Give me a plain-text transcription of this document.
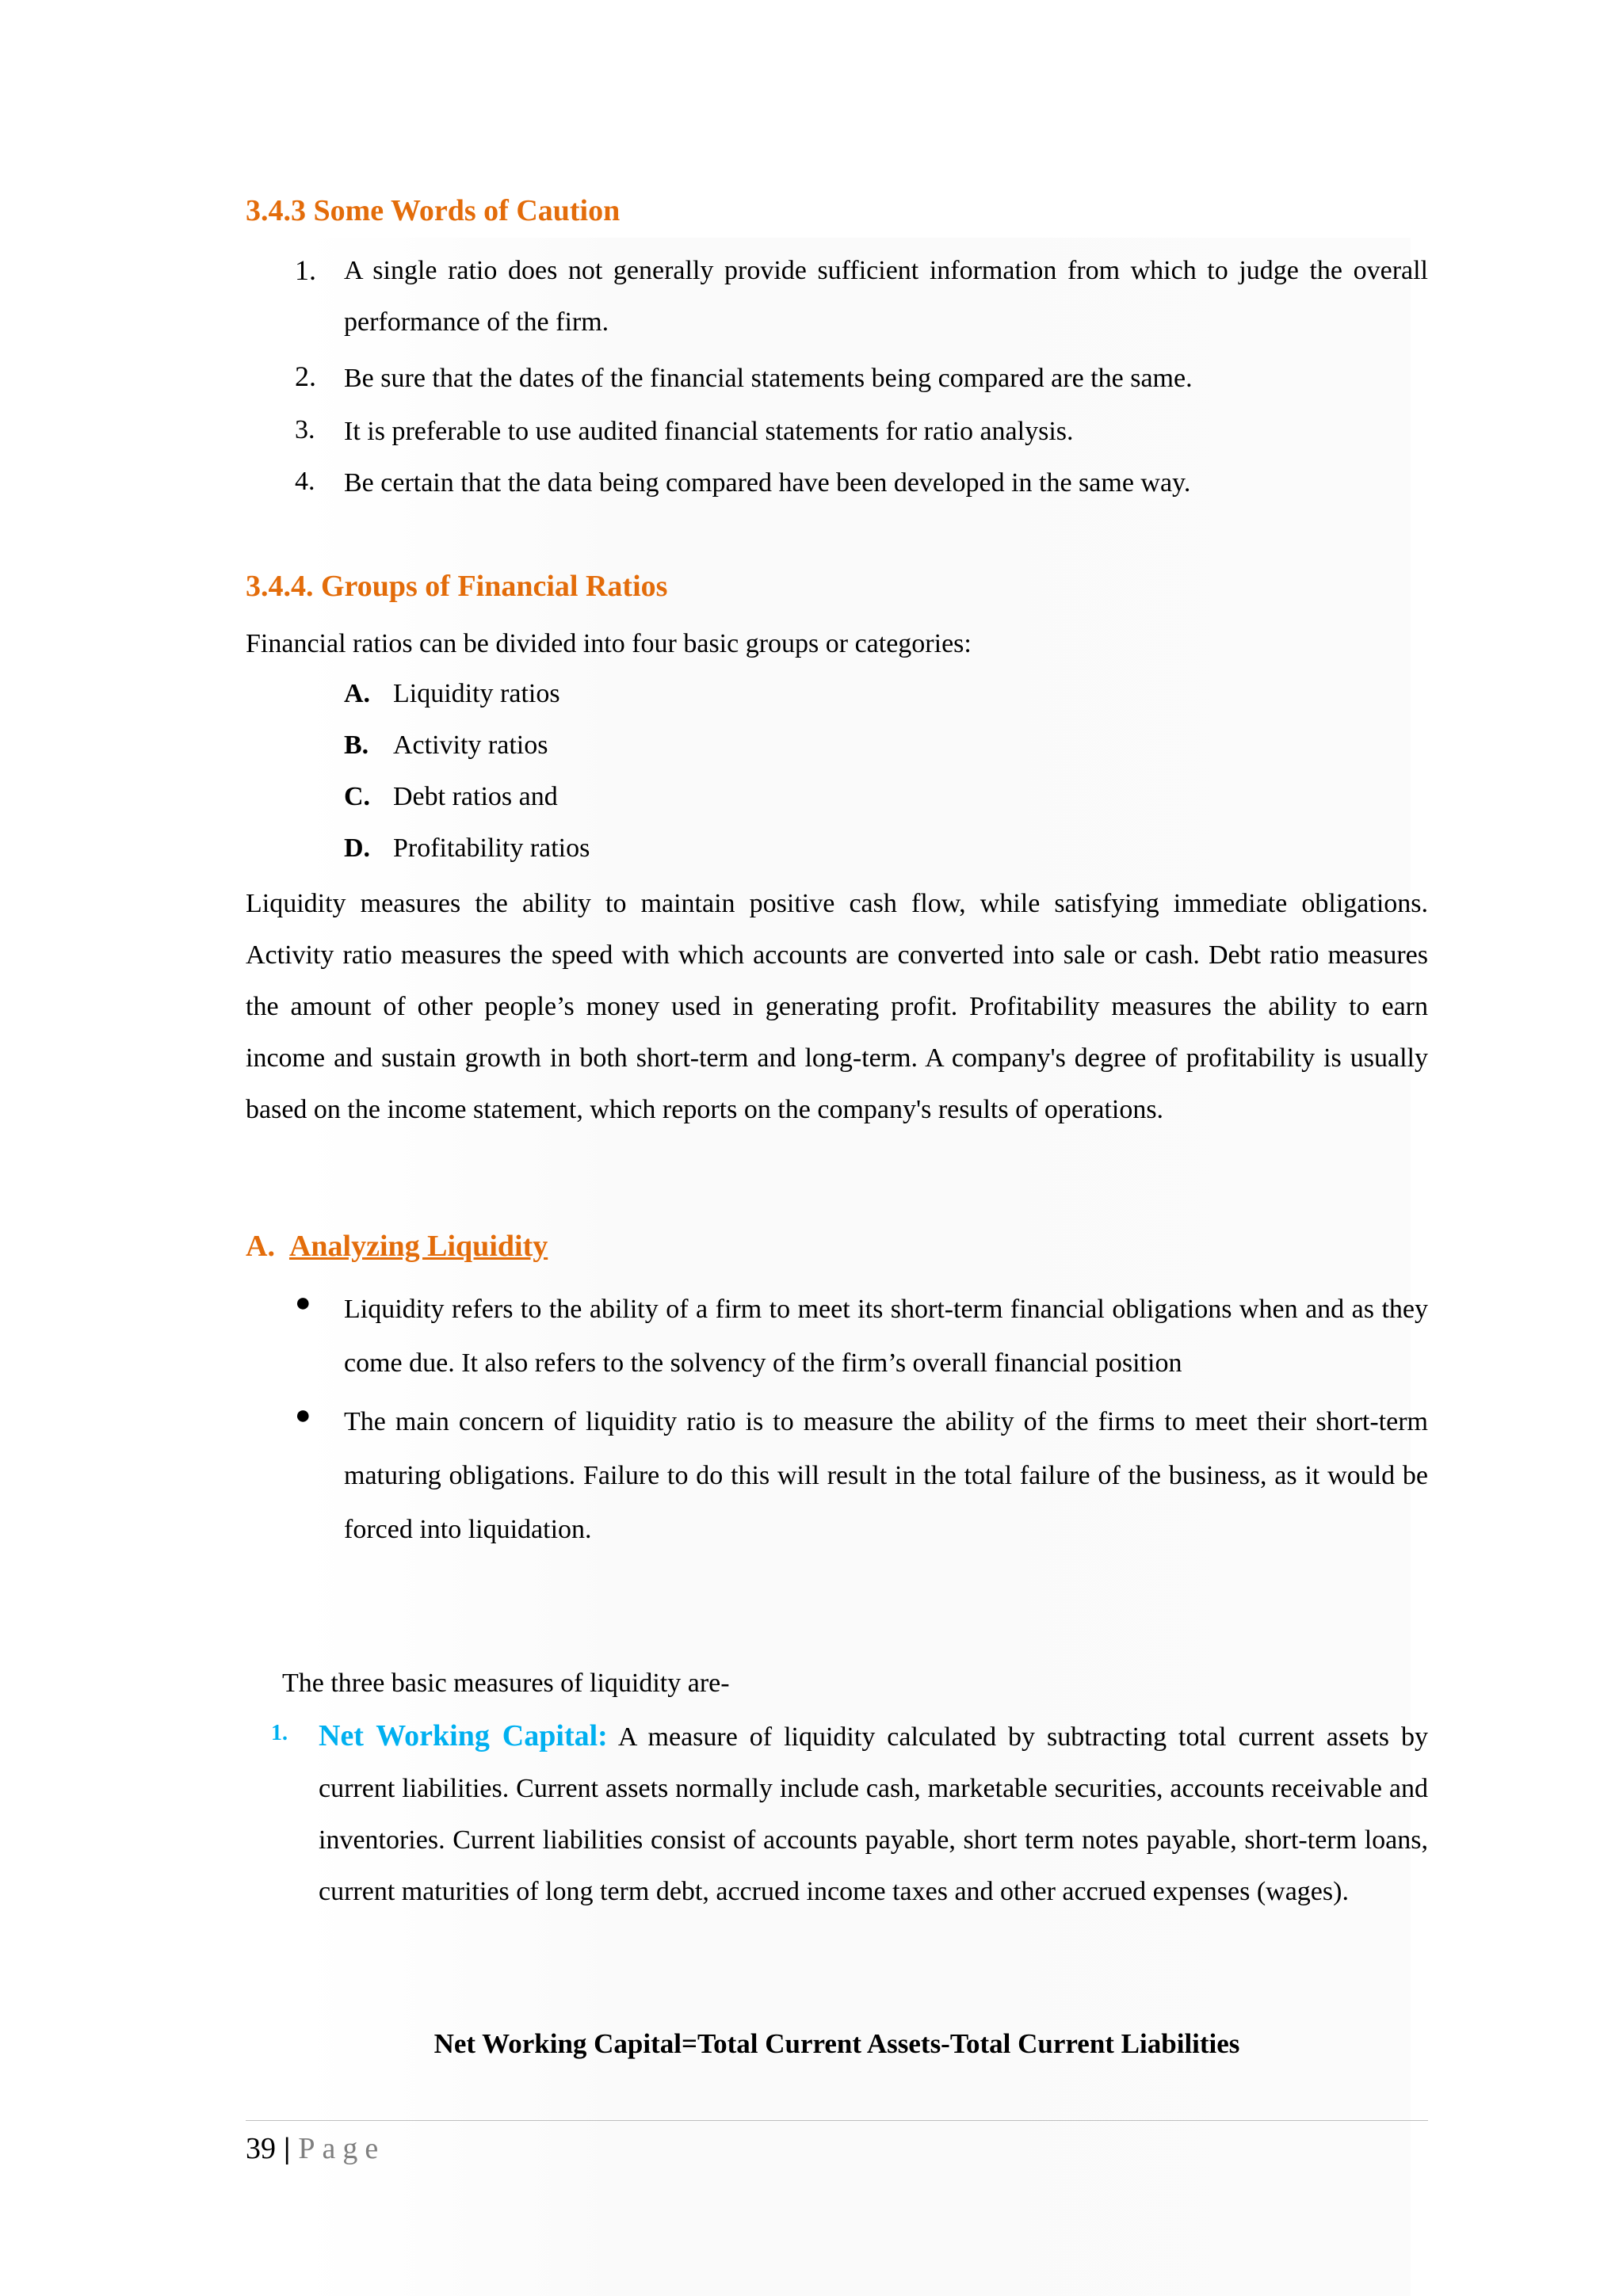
3.4.3 Some Words of Caution
1. A single ratio does not generally provide sufficient information from which to judge the overall performance of the firm.
2. Be sure that the dates of the financial statements being compared are the same.
3. It is preferable to use audited financial statements for ratio analysis.
4. Be certain that the data being compared have been developed in the same way.
3.4.4. Groups of Financial Ratios
Financial ratios can be divided into four basic groups or categories:
A. Liquidity ratios
B. Activity ratios
C. Debt ratios and
D. Profitability ratios
Liquidity measures the ability to maintain positive cash flow, while satisfying immediate obligations. Activity ratio measures the speed with which accounts are converted into sale or cash. Debt ratio measures the amount of other people’s money used in generating profit. Profitability measures the ability to earn income and sustain growth in both short-term and long-term. A company's degree of profitability is usually based on the income statement, which reports on the company's results of operations.
A. Analyzing Liquidity
● Liquidity refers to the ability of a firm to meet its short-term financial obligations when and as they come due. It also refers to the solvency of the firm’s overall financial position
● The main concern of liquidity ratio is to measure the ability of the firms to meet their short-term maturing obligations. Failure to do this will result in the total failure of the business, as it would be forced into liquidation.
The three basic measures of liquidity are-
1. Net Working Capital: A measure of liquidity calculated by subtracting total current assets by current liabilities. Current assets normally include cash, marketable securities, accounts receivable and inventories. Current liabilities consist of accounts payable, short term notes payable, short-term loans, current maturities of long term debt, accrued income taxes and other accrued expenses (wages).
Net Working Capital=Total Current Assets-Total Current Liabilities
39 | Page
